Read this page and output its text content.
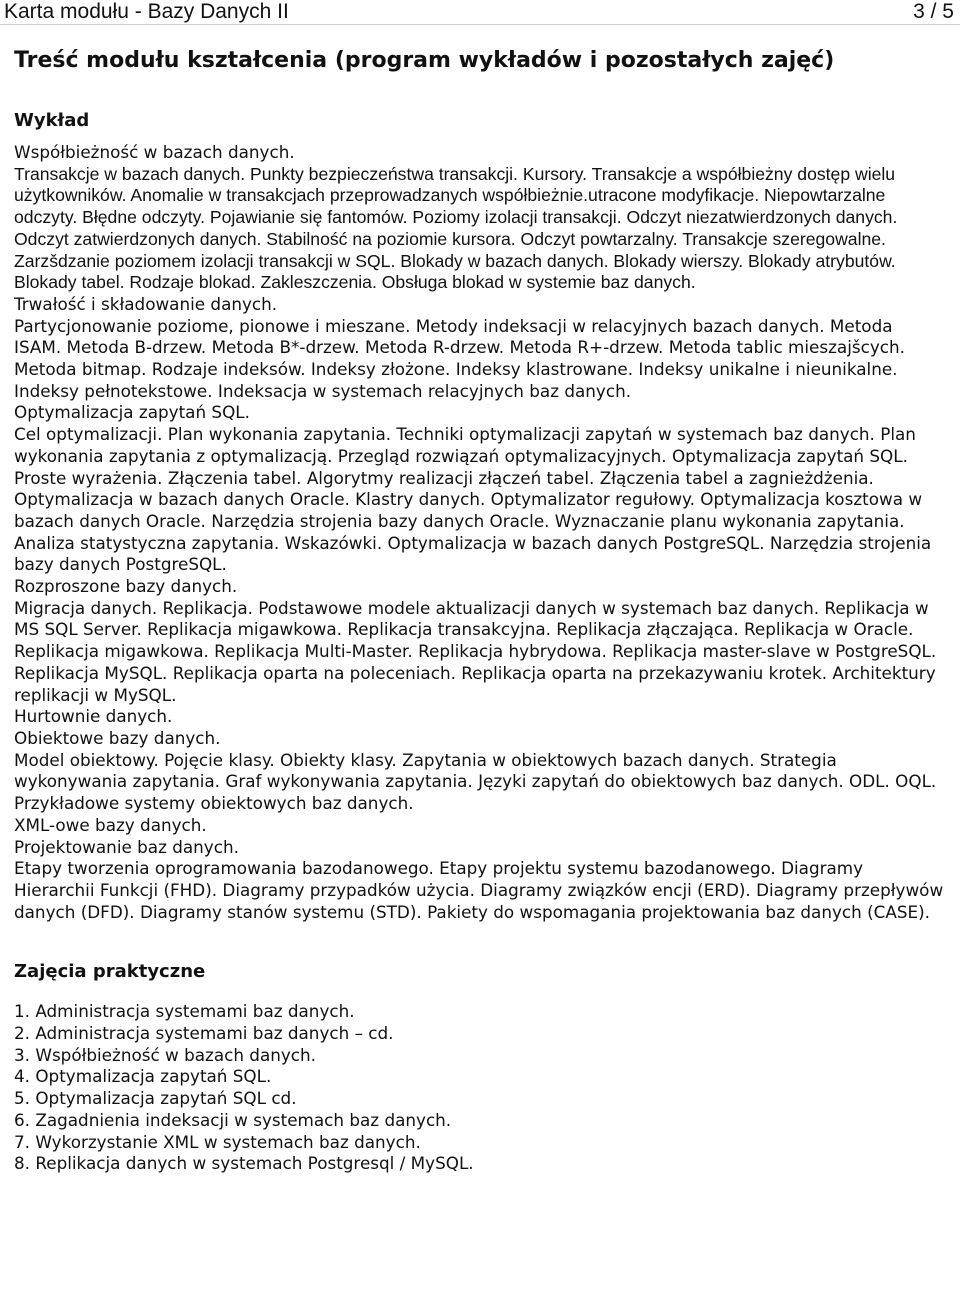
Karta modułu - Bazy Danych II	3 / 5
Treść modułu kształcenia (program wykładów i pozostałych zajęć)
Wykład
Współbieżność w bazach danych.
Transakcje w bazach danych. Punkty bezpieczeństwa transakcji. Kursory. Transakcje a współbieżny dostęp wielu użytkowników. Anomalie w transakcjach przeprowadzanych współbieżnie.utracone modyfikacje. Niepowtarzalne odczyty. Błędne odczyty. Pojawianie się fantomów. Poziomy izolacji transakcji. Odczyt niezatwierdzonych danych. Odczyt zatwierdzonych danych. Stabilność na poziomie kursora. Odczyt powtarzalny. Transakcje szeregowalne. Zarzšdzanie poziomem izolacji transakcji w SQL. Blokady w bazach danych. Blokady wierszy. Blokady atrybutów. Blokady tabel. Rodzaje blokad. Zakleszczenia. Obsługa blokad w systemie baz danych.
Trwałość i składowanie danych.
Partycjonowanie poziome, pionowe i mieszane. Metody indeksacji w relacyjnych bazach danych. Metoda ISAM. Metoda B-drzew. Metoda B*-drzew. Metoda R-drzew. Metoda R+-drzew. Metoda tablic mieszajšcych. Metoda bitmap. Rodzaje indeksów. Indeksy złożone. Indeksy klastrowane. Indeksy unikalne i nieunikalne. Indeksy pełnotekstowe. Indeksacja w systemach relacyjnych baz danych.
Optymalizacja zapytań SQL.
Cel optymalizacji. Plan wykonania zapytania. Techniki optymalizacji zapytań w systemach baz danych. Plan wykonania zapytania z optymalizacją. Przegląd rozwiązań optymalizacyjnych. Optymalizacja zapytań SQL. Proste wyrażenia. Złączenia tabel. Algorytmy realizacji złączeń tabel. Złączenia tabel a zagnieżdżenia. Optymalizacja w bazach danych Oracle. Klastry danych. Optymalizator regułowy. Optymalizacja kosztowa w bazach danych Oracle. Narzędzia strojenia bazy danych Oracle. Wyznaczanie planu wykonania zapytania. Analiza statystyczna zapytania. Wskazówki. Optymalizacja w bazach danych PostgreSQL. Narzędzia strojenia bazy danych PostgreSQL.
Rozproszone bazy danych.
Migracja danych. Replikacja. Podstawowe modele aktualizacji danych w systemach baz danych. Replikacja w MS SQL Server. Replikacja migawkowa. Replikacja transakcyjna. Replikacja złączająca. Replikacja w Oracle. Replikacja migawkowa. Replikacja Multi-Master. Replikacja hybrydowa. Replikacja master-slave w PostgreSQL. Replikacja MySQL. Replikacja oparta na poleceniach. Replikacja oparta na przekazywaniu krotek. Architektury replikacji w MySQL.
Hurtownie danych.
Obiektowe bazy danych.
Model obiektowy. Pojęcie klasy. Obiekty klasy. Zapytania w obiektowych bazach danych. Strategia wykonywania zapytania. Graf wykonywania zapytania. Języki zapytań do obiektowych baz danych. ODL. OQL. Przykładowe systemy obiektowych baz danych.
XML-owe bazy danych.
Projektowanie baz danych.
Etapy tworzenia oprogramowania bazodanowego. Etapy projektu systemu bazodanowego. Diagramy Hierarchii Funkcji (FHD). Diagramy przypadków użycia. Diagramy związków encji (ERD). Diagramy przepływów danych (DFD). Diagramy stanów systemu (STD). Pakiety do wspomagania projektowania baz danych (CASE).
Zajęcia praktyczne
1. Administracja systemami baz danych.
2. Administracja systemami baz danych – cd.
3. Współbieżność w bazach danych.
4. Optymalizacja zapytań SQL.
5. Optymalizacja zapytań SQL cd.
6. Zagadnienia indeksacji w systemach baz danych.
7. Wykorzystanie XML w systemach baz danych.
8. Replikacja danych w systemach Postgresql / MySQL.
